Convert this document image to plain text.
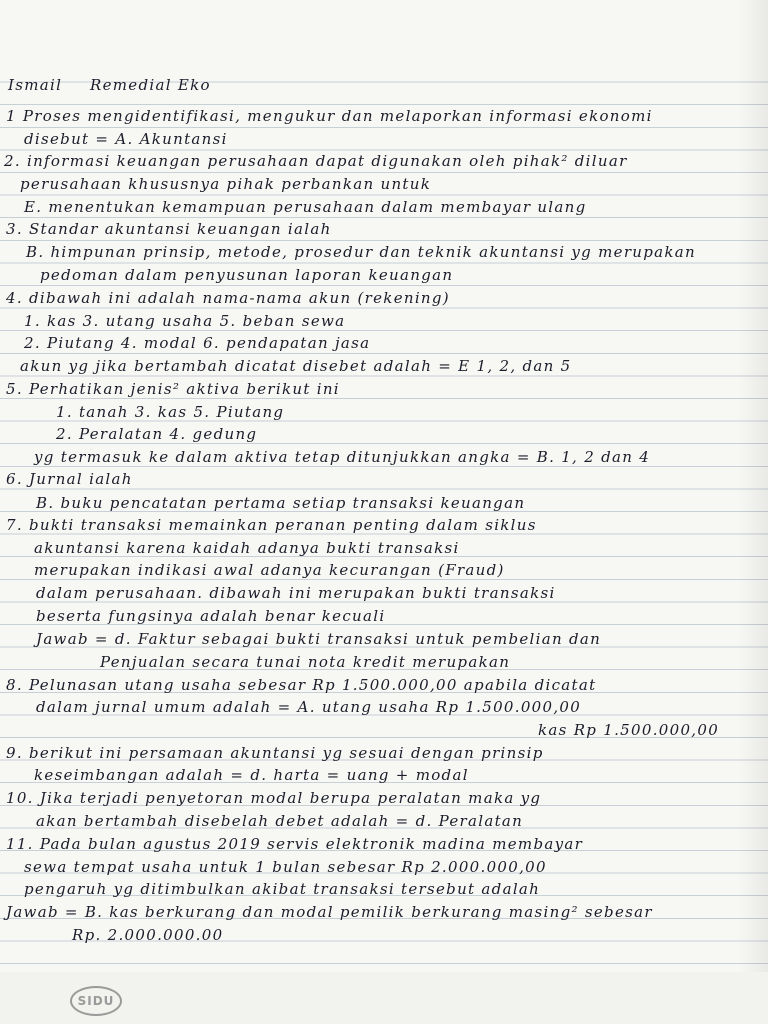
Ismail Remedial Eko
1 Proses mengidentifikasi, mengukur dan melaporkan informasi ekonomi
disebut = A. Akuntansi
2. informasi keuangan perusahaan dapat digunakan oleh pihak² diluar
perusahaan khususnya pihak perbankan untuk
E. menentukan kemampuan perusahaan dalam membayar ulang
3. Standar akuntansi keuangan ialah
B. himpunan prinsip, metode, prosedur dan teknik akuntansi yg merupakan
pedoman dalam penyusunan laporan keuangan
4. dibawah ini adalah nama-nama akun (rekening)
1. kas 3. utang usaha 5. beban sewa
2. Piutang 4. modal 6. pendapatan jasa
akun yg jika bertambah dicatat disebet adalah = E 1, 2, dan 5
5. Perhatikan jenis² aktiva berikut ini
1. tanah 3. kas 5. Piutang
2. Peralatan 4. gedung
yg termasuk ke dalam aktiva tetap ditunjukkan angka = B. 1, 2 dan 4
6. Jurnal ialah
B. buku pencatatan pertama setiap transaksi keuangan
7. bukti transaksi memainkan peranan penting dalam siklus
akuntansi karena kaidah adanya bukti transaksi
merupakan indikasi awal adanya kecurangan (Fraud)
dalam perusahaan. dibawah ini merupakan bukti transaksi
beserta fungsinya adalah benar kecuali
Jawab = d. Faktur sebagai bukti transaksi untuk pembelian dan
Penjualan secara tunai nota kredit merupakan
8. Pelunasan utang usaha sebesar Rp 1.500.000,00 apabila dicatat
dalam jurnal umum adalah = A. utang usaha Rp 1.500.000,00
kas Rp 1.500.000,00
9. berikut ini persamaan akuntansi yg sesuai dengan prinsip
keseimbangan adalah = d. harta = uang + modal
10. Jika terjadi penyetoran modal berupa peralatan maka yg
akan bertambah disebelah debet adalah = d. Peralatan
11. Pada bulan agustus 2019 servis elektronik madina membayar
sewa tempat usaha untuk 1 bulan sebesar Rp 2.000.000,00
pengaruh yg ditimbulkan akibat transaksi tersebut adalah
Jawab = B. kas berkurang dan modal pemilik berkurang masing² sebesar
Rp. 2.000.000.00
SIDU
